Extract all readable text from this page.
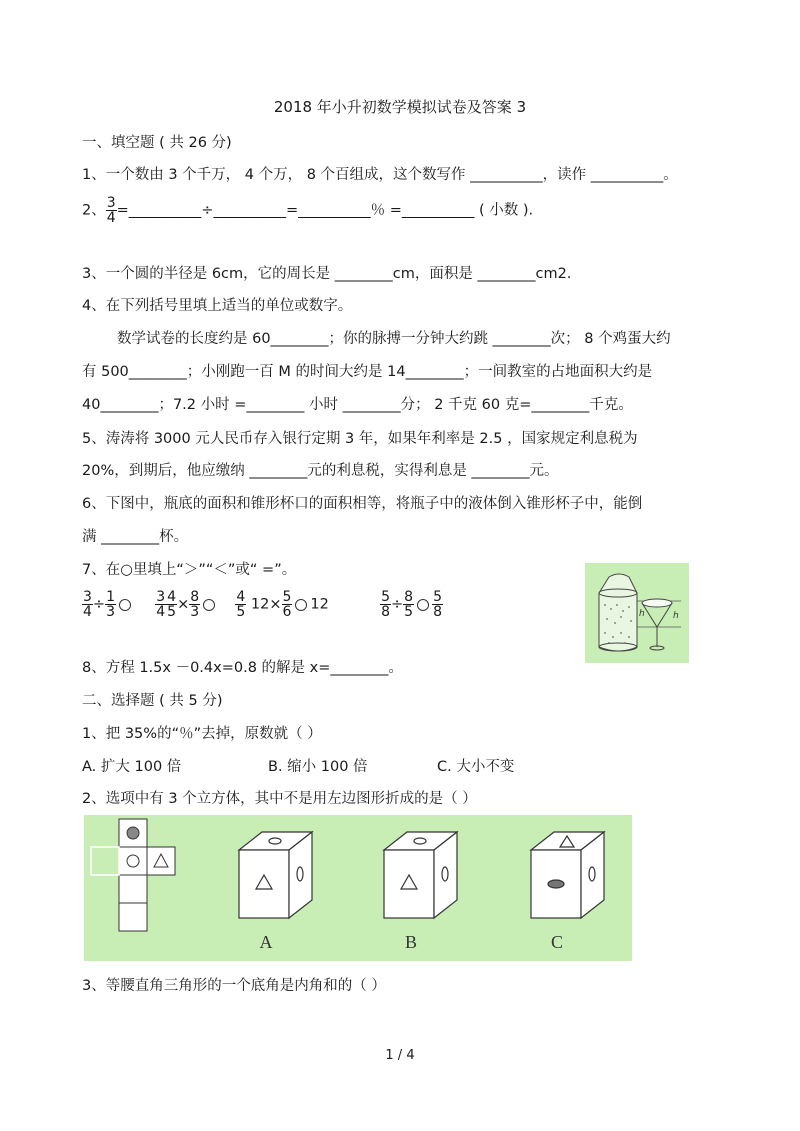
2018 年小升初数学模拟试卷及答案 3
一、填空题 ( 共 26 分)
1、一个数由 3 个千万， 4 个万， 8 个百组成，这个数写作 __________，读作 __________。
2、 $\frac{3}{4}$ =__________÷__________=__________％ =__________ ( 小数 ).
3、一个圆的半径是 6cm，它的周长是 ________cm，面积是 ________cm2.
4、在下列括号里填上适当的单位或数字。
数学试卷的长度约是 60________；你的脉搏一分钟大约跳 ________次； 8 个鸡蛋大约
有 500________；小刚跑一百 M 的时间大约是 14________；一间教室的占地面积大约是
40________；7.2 小时 =________ 小时 ________分； 2 千克 60 克=________千克。
5、涛涛将 3000 元人民币存入银行定期 3 年，如果年利率是 2.5 ，国家规定利息税为
20%，到期后，他应缴纳 ________元的利息税，实得利息是 ________元。
6、下图中，瓶底的面积和锥形杯口的面积相等，将瓶子中的液体倒入锥形杯子中，能倒
满 ________杯。
7、在○里填上“＞”“＜”或“ =”。
$\frac{3}{4} \div \frac{1}{3}$
	$\frac{3}{4} \frac{4}{5} \times \frac{8}{3}$
	$\frac{4}{5} 12\times \frac{5}{6} 12$	$\frac{5}{8} \div \frac{8}{5} \frac{5}{8}$	h	h
8、方程 1.5x －0.4x=0.8 的解是 x=________。
二、选择题 ( 共 5 分)
1、把 35%的“％”去掉，原数就（ ）
A. 扩大 100 倍	B. 缩小 100 倍	C. 大小不变
2、选项中有 3 个立方体，其中不是用左边图形折成的是（ ）
A	B	C
3、等腰直角三角形的一个底角是内角和的（ ）
1 / 4
